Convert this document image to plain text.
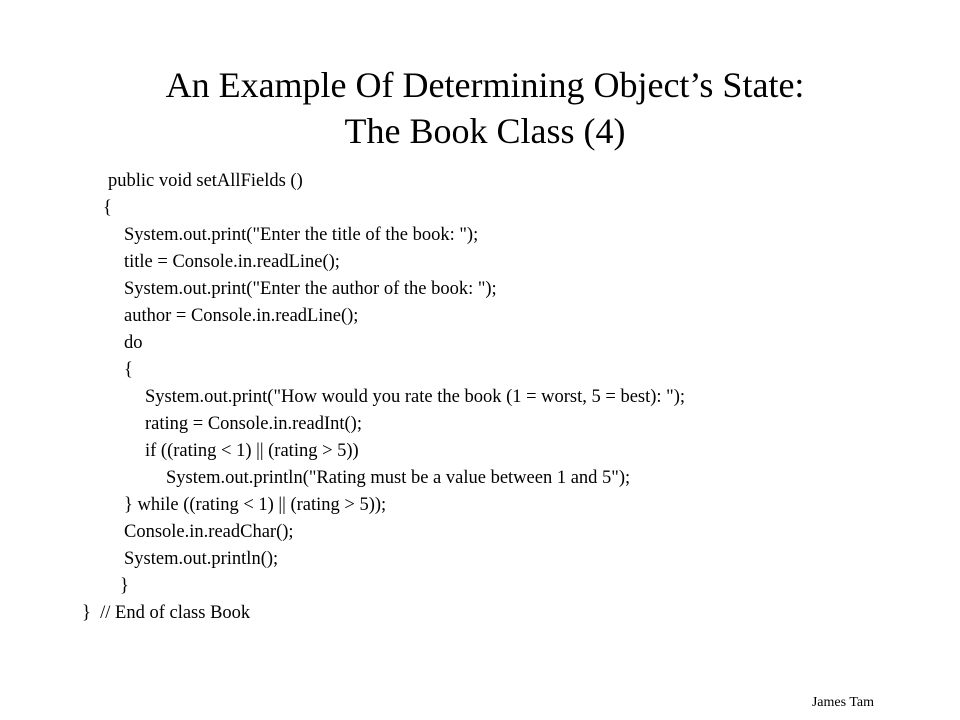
An Example Of Determining Object’s State:
The Book Class (4)
public void setAllFields ()
{
System.out.print("Enter the title of the book: ");
title = Console.in.readLine();
System.out.print("Enter the author of the book: ");
author = Console.in.readLine();
do
{
System.out.print("How would you rate the book (1 = worst, 5 = best): ");
rating = Console.in.readInt();
if ((rating < 1) || (rating > 5))
System.out.println("Rating must be a value between 1 and 5");
} while ((rating < 1) || (rating > 5));
Console.in.readChar();
System.out.println();
}
}  // End of class Book
James Tam
